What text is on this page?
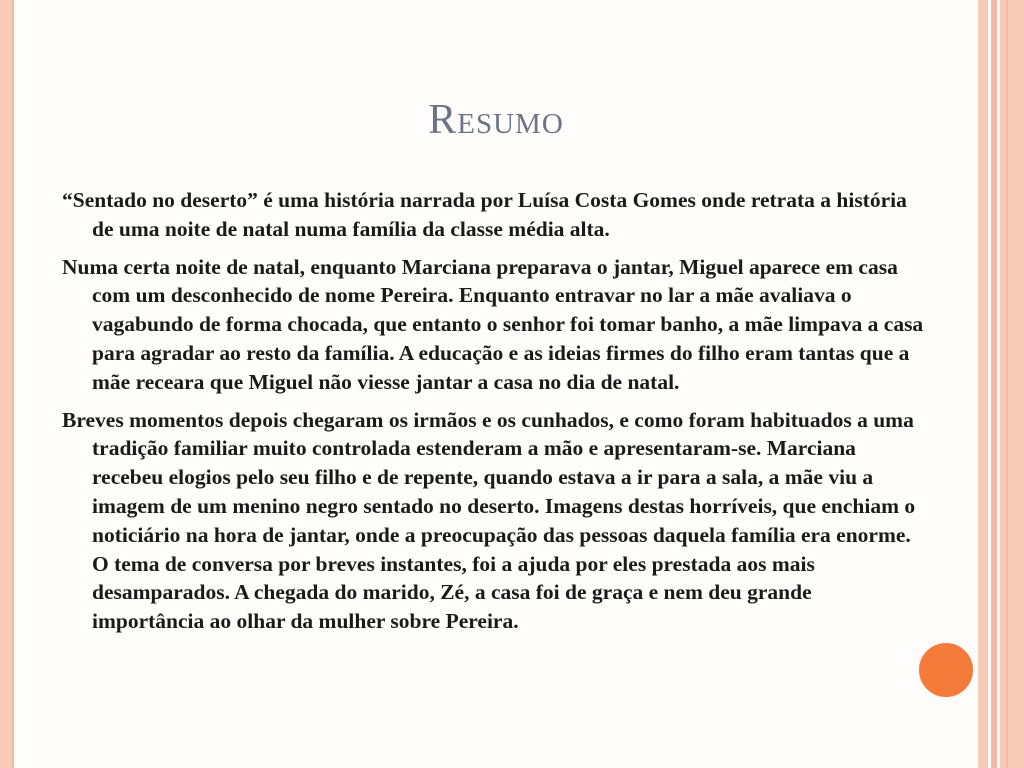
Resumo

“Sentado no deserto” é uma história narrada por Luísa Costa Gomes onde retrata a história de uma noite de natal numa família da classe média alta.

Numa certa noite de natal, enquanto Marciana preparava o jantar, Miguel aparece em casa com um desconhecido de nome Pereira. Enquanto entravar no lar a mãe avaliava o vagabundo de forma chocada, que entanto o senhor foi tomar banho, a mãe limpava a casa para agradar ao resto da família. A educação e as ideias firmes do filho eram tantas que a mãe receara que Miguel não viesse jantar a casa no dia de natal.

Breves momentos depois chegaram os irmãos e os cunhados, e como foram habituados a uma tradição familiar muito controlada estenderam a mão e apresentaram-se. Marciana recebeu elogios pelo seu filho e de repente, quando estava a ir para a sala, a mãe viu a imagem de um menino negro sentado no deserto. Imagens destas horríveis, que enchiam o noticiário na hora de jantar, onde a preocupação das pessoas daquela família era enorme. O tema de conversa por breves instantes, foi a ajuda por eles prestada aos mais desamparados. A chegada do marido, Zé, a casa foi de graça e nem deu grande importância ao olhar da mulher sobre Pereira.
